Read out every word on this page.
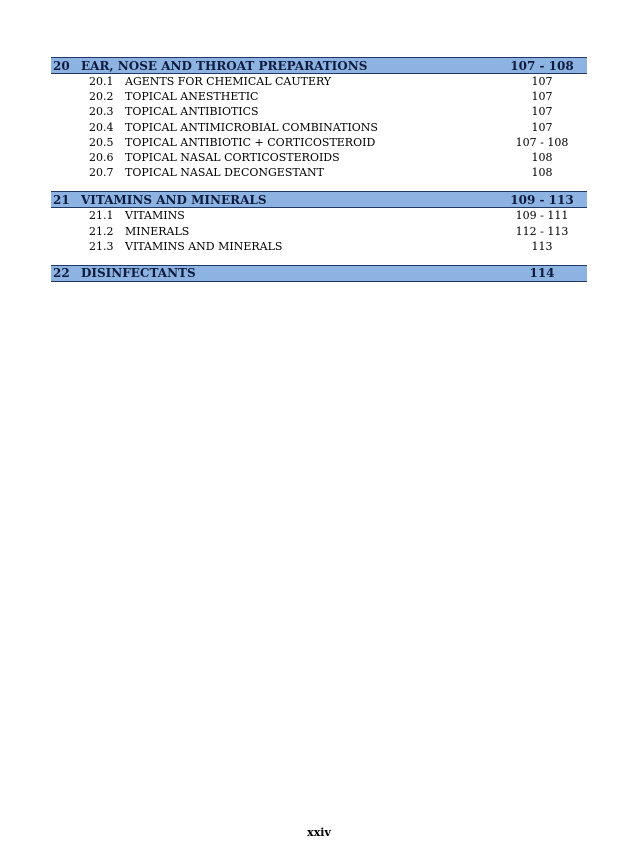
20 EAR, NOSE AND THROAT PREPARATIONS	107 - 108
20.1	AGENTS FOR CHEMICAL CAUTERY	107
20.2	TOPICAL ANESTHETIC	107
20.3	TOPICAL ANTIBIOTICS	107
20.4	TOPICAL ANTIMICROBIAL COMBINATIONS	107
20.5	TOPICAL ANTIBIOTIC + CORTICOSTEROID	107 - 108
20.6	TOPICAL NASAL CORTICOSTEROIDS	108
20.7	TOPICAL NASAL DECONGESTANT	108
21 VITAMINS AND MINERALS	109 - 113
21.1	VITAMINS	109 - 111
21.2	MINERALS	112 - 113
21.3	VITAMINS AND MINERALS	113
22 DISINFECTANTS	114
xxiv
